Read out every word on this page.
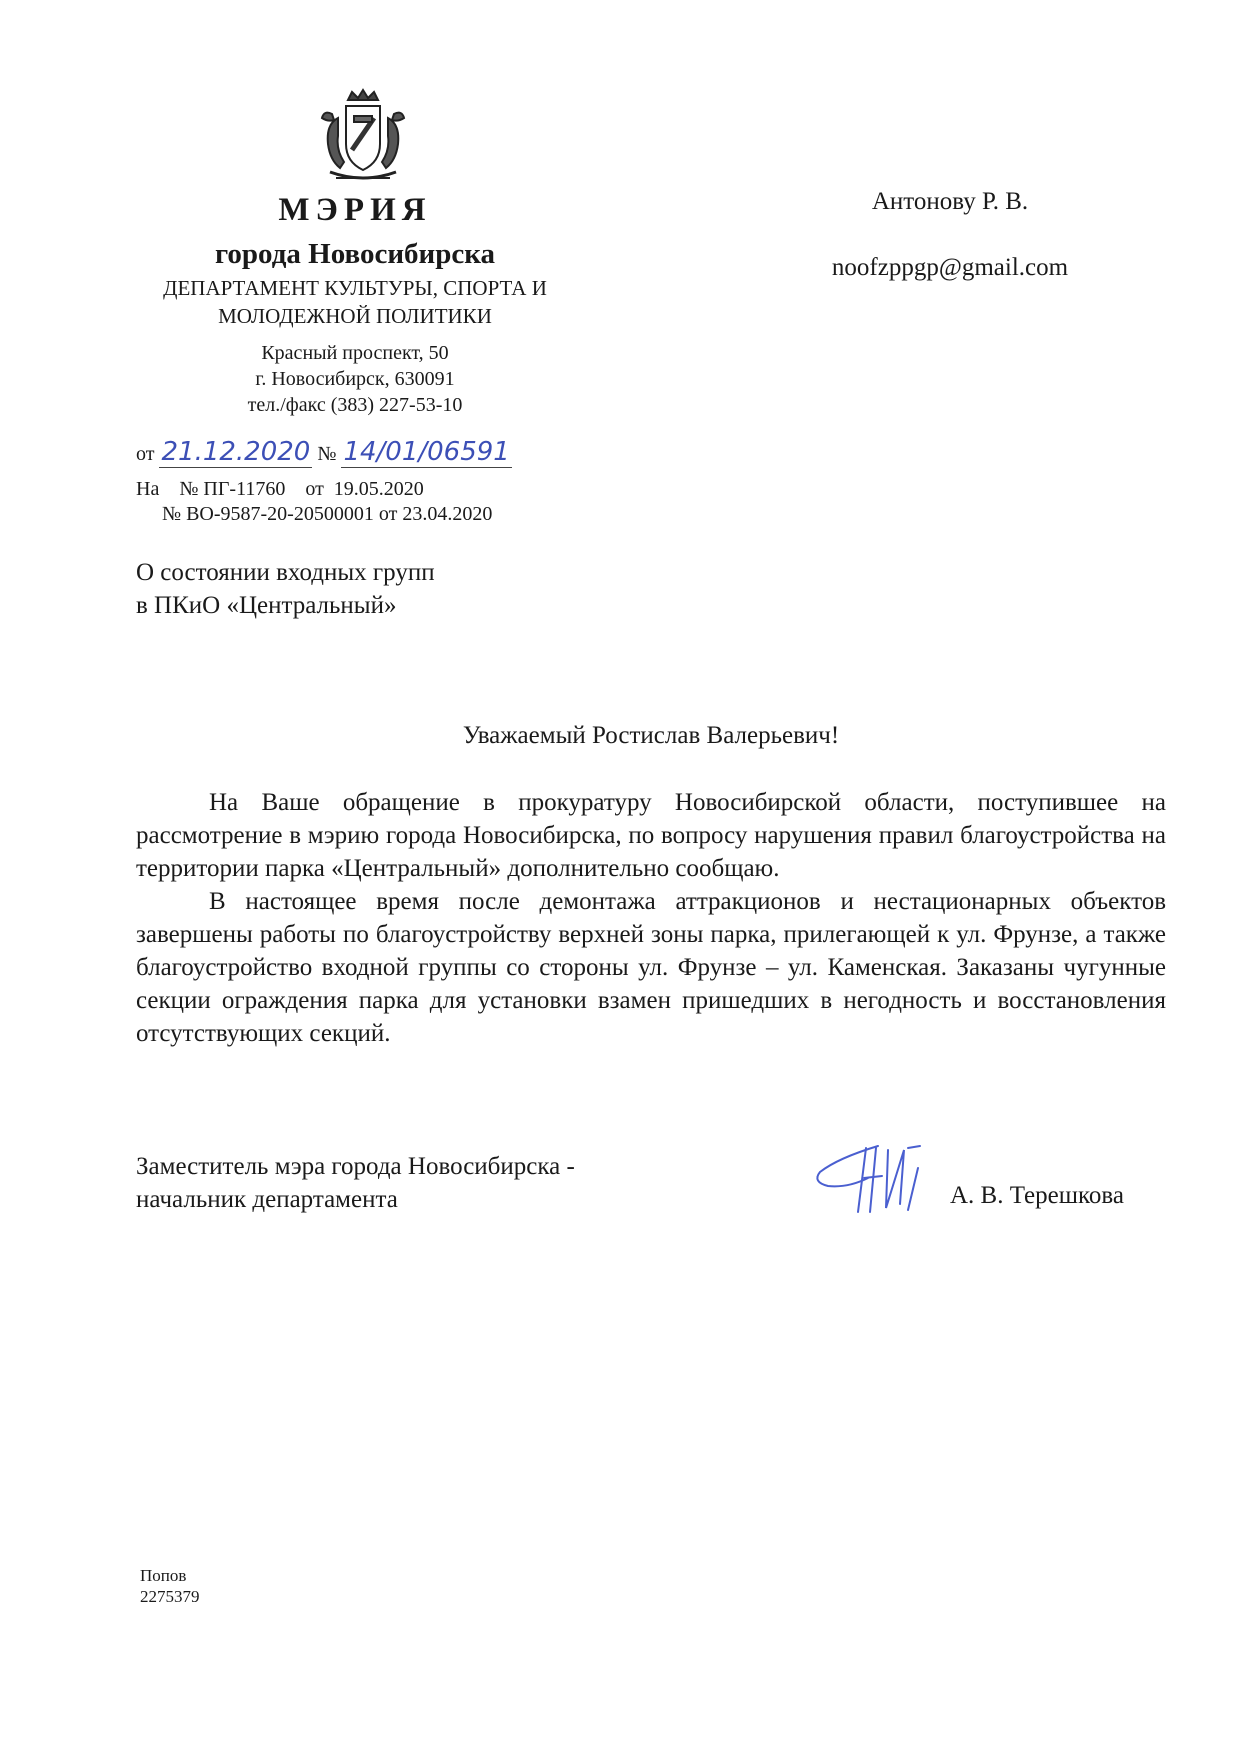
МЭРИЯ
города Новосибирска
ДЕПАРТАМЕНТ КУЛЬТУРЫ, СПОРТА И
МОЛОДЕЖНОЙ ПОЛИТИКИ
Красный проспект, 50
г. Новосибирск, 630091
тел./факс (383) 227-53-10
от 21.12.2020 № 14/01/06591
На    № ПГ-11760    от  19.05.2020
№ ВО-9587-20-20500001 от 23.04.2020
Антонову Р. В.
noofzppgp@gmail.com
О состоянии входных групп
в ПКиО «Центральный»
Уважаемый Ростислав Валерьевич!

На Ваше обращение в прокуратуру Новосибирской области, поступившее на рассмотрение в мэрию города Новосибирска, по вопросу нарушения правил благоустройства на территории парка «Центральный» дополнительно сообщаю.

В настоящее время после демонтажа аттракционов и нестационарных объектов завершены работы по благоустройству верхней зоны парка, прилегающей к ул. Фрунзе, а также благоустройство входной группы со стороны ул. Фрунзе – ул. Каменская. Заказаны чугунные секции ограждения парка для установки взамен пришедших в негодность и восстановления отсутствующих секций.

Заместитель мэра города Новосибирска -
начальник департамента	А. В. Терешкова
Попов
2275379
